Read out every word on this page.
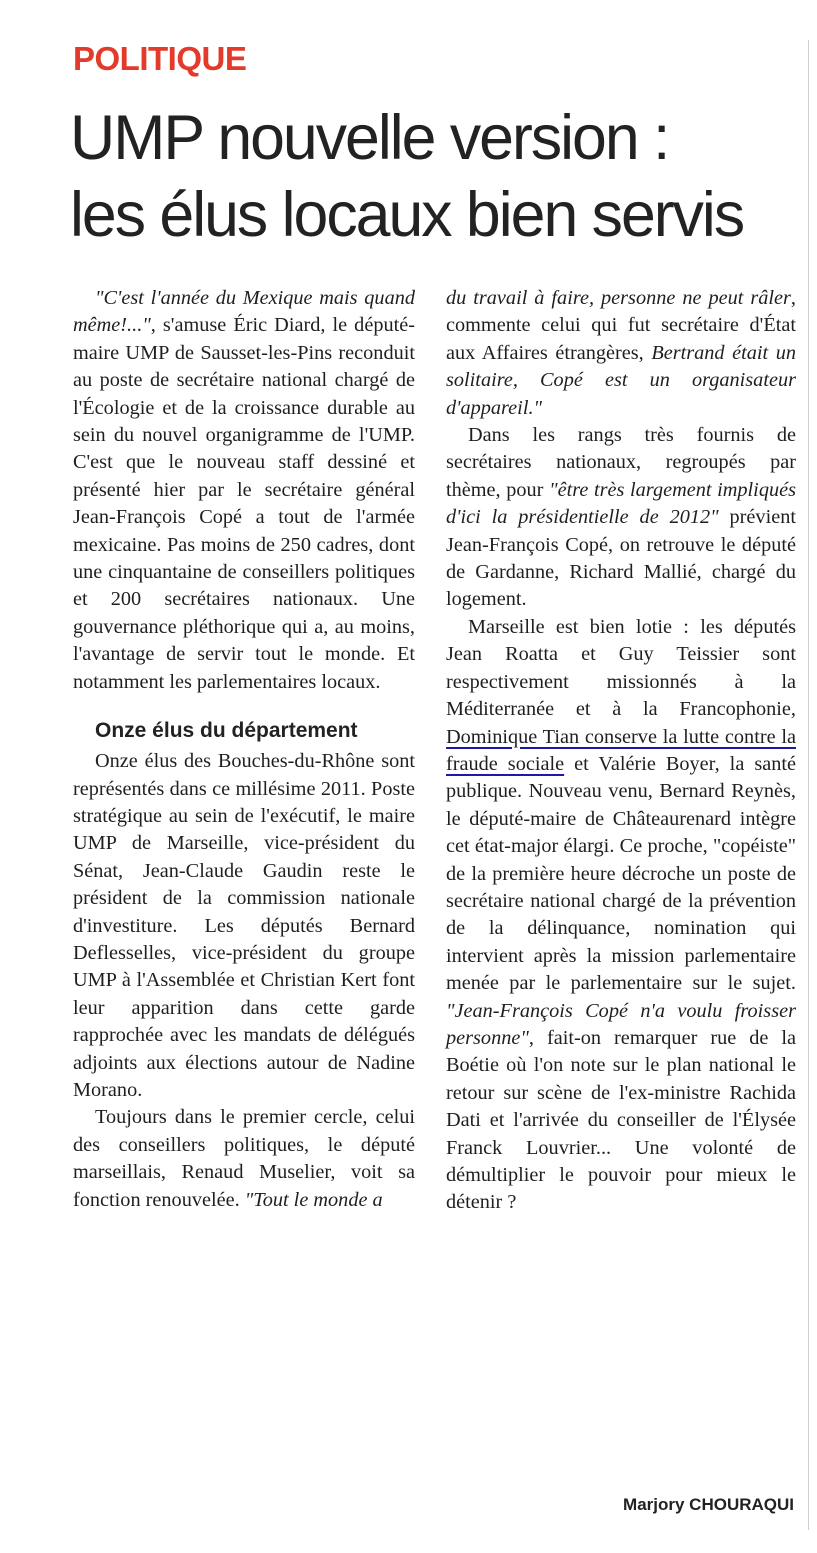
POLITIQUE
UMP nouvelle version :
les élus locaux bien servis

"C'est l'année du Mexique mais quand même!...", s'amuse Éric Diard, le député-maire UMP de Sausset-les-Pins reconduit au poste de secrétaire national chargé de l'Écologie et de la croissance durable au sein du nouvel organigramme de l'UMP. C'est que le nouveau staff dessiné et présenté hier par le secrétaire général Jean-François Copé a tout de l'armée mexicaine. Pas moins de 250 cadres, dont une cinquantaine de conseillers politiques et 200 secrétaires nationaux. Une gouvernance pléthorique qui a, au moins, l'avantage de servir tout le monde. Et notamment les parlementaires locaux.

Onze élus du département

Onze élus des Bouches-du-Rhône sont représentés dans ce millésime 2011. Poste stratégique au sein de l'exécutif, le maire UMP de Marseille, vice-président du Sénat, Jean-Claude Gaudin reste le président de la commission nationale d'investiture. Les députés Bernard Deflesselles, vice-président du groupe UMP à l'Assemblée et Christian Kert font leur apparition dans cette garde rapprochée avec les mandats de délégués adjoints aux élections autour de Nadine Morano.

Toujours dans le premier cercle, celui des conseillers politiques, le député marseillais, Renaud Muselier, voit sa fonction renouvelée. "Tout le monde a

du travail à faire, personne ne peut râler, commente celui qui fut secrétaire d'État aux Affaires étrangères, Bertrand était un solitaire, Copé est un organisateur d'appareil."

Dans les rangs très fournis de secrétaires nationaux, regroupés par thème, pour "être très largement impliqués d'ici la présidentielle de 2012" prévient Jean-François Copé, on retrouve le député de Gardanne, Richard Mallié, chargé du logement.

Marseille est bien lotie : les députés Jean Roatta et Guy Teissier sont respectivement missionnés à la Méditerranée et à la Francophonie, Dominique Tian conserve la lutte contre la fraude sociale et Valérie Boyer, la santé publique. Nouveau venu, Bernard Reynès, le député-maire de Châteaurenard intègre cet état-major élargi. Ce proche, "copéiste" de la première heure décroche un poste de secrétaire national chargé de la prévention de la délinquance, nomination qui intervient après la mission parlementaire menée par le parlementaire sur le sujet. "Jean-François Copé n'a voulu froisser personne", fait-on remarquer rue de la Boétie où l'on note sur le plan national le retour sur scène de l'ex-ministre Rachida Dati et l'arrivée du conseiller de l'Élysée Franck Louvrier... Une volonté de démultiplier le pouvoir pour mieux le détenir ?

Marjory CHOURAQUI
